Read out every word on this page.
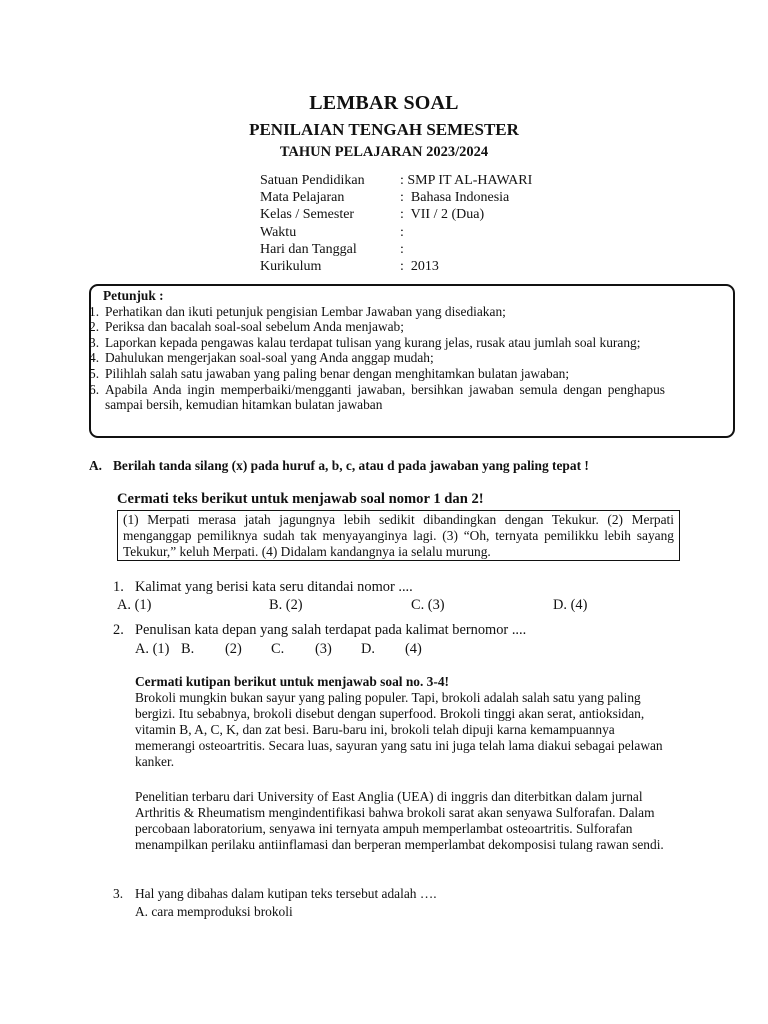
LEMBAR SOAL
PENILAIAN TENGAH SEMESTER
TAHUN PELAJARAN 2023/2024
Satuan Pendidikan	: SMP IT AL-HAWARI
Mata Pelajaran	:  Bahasa Indonesia
Kelas / Semester	:  VII / 2 (Dua)
Waktu	:
Hari dan Tanggal	:
Kurikulum	:  2013
Petunjuk :
1. Perhatikan dan ikuti petunjuk pengisian Lembar Jawaban yang disediakan;
2. Periksa dan bacalah soal-soal sebelum Anda menjawab;
3. Laporkan kepada pengawas kalau terdapat tulisan yang kurang jelas, rusak atau jumlah soal kurang;
4. Dahulukan mengerjakan soal-soal yang Anda anggap mudah;
5. Pilihlah salah satu jawaban yang paling benar dengan menghitamkan bulatan jawaban;
6. Apabila Anda ingin memperbaiki/mengganti jawaban, bersihkan jawaban semula dengan penghapus sampai bersih, kemudian hitamkan bulatan jawaban
A. Berilah tanda silang (x) pada huruf a, b, c, atau d pada jawaban yang paling tepat !
Cermati teks berikut untuk menjawab soal nomor 1 dan 2!
(1) Merpati merasa jatah jagungnya lebih sedikit dibandingkan dengan Tekukur. (2) Merpati menganggap pemiliknya sudah tak menyayanginya lagi. (3) “Oh, ternyata pemilikku lebih sayang Tekukur,” keluh Merpati. (4) Didalam kandangnya ia selalu murung.
1. Kalimat yang berisi kata seru ditandai nomor ....
A. (1)	B. (2)	C. (3)	D. (4)
2. Penulisan kata depan yang salah terdapat pada kalimat bernomor ....
A. (1) B. (2) C. (3) D. (4)
Cermati kutipan berikut untuk menjawab soal no. 3-4!
Brokoli mungkin bukan sayur yang paling populer. Tapi, brokoli adalah salah satu yang paling bergizi. Itu sebabnya, brokoli disebut dengan superfood. Brokoli tinggi akan serat, antioksidan, vitamin B, A, C, K, dan zat besi. Baru-baru ini, brokoli telah dipuji karna kemampuannya memerangi osteoartritis. Secara luas, sayuran yang satu ini juga telah lama diakui sebagai pelawan kanker.
Penelitian terbaru dari University of East Anglia (UEA) di inggris dan diterbitkan dalam jurnal Arthritis & Rheumatism mengindentifikasi bahwa brokoli sarat akan senyawa Sulforafan. Dalam percobaan laboratorium, senyawa ini ternyata ampuh memperlambat osteoartritis. Sulforafan menampilkan perilaku antiinflamasi dan berperan memperlambat dekomposisi tulang rawan sendi.
3. Hal yang dibahas dalam kutipan teks tersebut adalah ….
A. cara memproduksi brokoli
